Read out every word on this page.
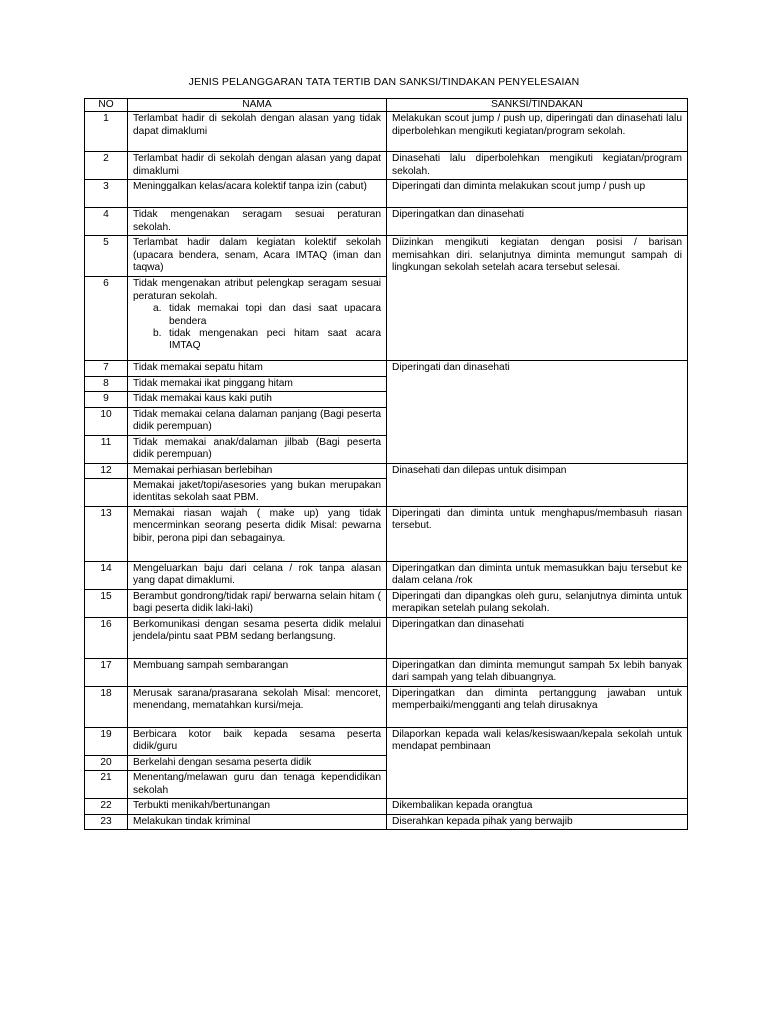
JENIS PELANGGARAN TATA TERTIB DAN SANKSI/TINDAKAN PENYELESAIAN
NO	NAMA	SANKSI/TINDAKAN
1	Terlambat hadir di sekolah dengan alasan yang tidak dapat dimaklumi	Melakukan scout jump / push up, diperingati dan dinasehati lalu diperbolehkan mengikuti kegiatan/program sekolah.
2	Terlambat hadir di sekolah dengan alasan yang dapat dimaklumi	Dinasehati lalu diperbolehkan mengikuti kegiatan/program sekolah.
3	Meninggalkan kelas/acara kolektif tanpa izin (cabut)	Diperingati dan diminta melakukan scout jump / push up
4	Tidak mengenakan seragam sesuai peraturan sekolah.	Diperingatkan dan dinasehati
5	Terlambat hadir dalam kegiatan kolektif sekolah (upacara bendera, senam, Acara IMTAQ (iman dan taqwa)	Diizinkan mengikuti kegiatan dengan posisi / barisan memisahkan diri. selanjutnya diminta memungut sampah di lingkungan sekolah setelah acara tersebut selesai.
6	Tidak mengenakan atribut pelengkap seragam sesuai peraturan sekolah.
a. tidak memakai topi dan dasi saat upacara bendera
b. tidak mengenakan peci hitam saat acara IMTAQ	

7	Tidak memakai sepatu hitam	Diperingati dan dinasehati
8	Tidak memakai ikat pinggang hitam	
9	Tidak memakai kaus kaki putih	
10	Tidak memakai celana dalaman panjang (Bagi peserta didik perempuan)	
11	Tidak memakai anak/dalaman jilbab (Bagi peserta didik perempuan)	
12	Memakai perhiasan berlebihan	Dinasehati dan dilepas untuk disimpan
	Memakai jaket/topi/asesories yang bukan merupakan identitas sekolah saat PBM.	
13	Memakai riasan wajah ( make up) yang tidak mencerminkan seorang peserta didik Misal: pewarna bibir, perona pipi dan sebagainya.	Diperingati dan diminta untuk menghapus/membasuh riasan tersebut.
14	Mengeluarkan baju dari celana / rok tanpa alasan yang dapat dimaklumi.	Diperingatkan dan diminta untuk memasukkan baju tersebut ke dalam celana /rok
15	Berambut gondrong/tidak rapi/ berwarna selain hitam ( bagi peserta didik laki-laki)	Diperingati dan dipangkas oleh guru, selanjutnya diminta untuk merapikan setelah pulang sekolah.
16	Berkomunikasi dengan sesama peserta didik melalui jendela/pintu saat PBM sedang berlangsung.	Diperingatkan dan dinasehati
17	Membuang sampah sembarangan	Diperingatkan dan diminta memungut sampah 5x lebih banyak dari sampah yang telah dibuangnya.
18	Merusak sarana/prasarana sekolah Misal: mencoret, menendang, mematahkan kursi/meja.	Diperingatkan dan diminta pertanggung jawaban untuk memperbaiki/mengganti ang telah dirusaknya
19	Berbicara kotor baik kepada sesama peserta didik/guru	Dilaporkan kepada wali kelas/kesiswaan/kepala sekolah untuk mendapat pembinaan
20	Berkelahi dengan sesama peserta didik	
21	Menentang/melawan guru dan tenaga kependidikan sekolah	
22	Terbukti menikah/bertunangan	Dikembalikan kepada orangtua
23	Melakukan tindak kriminal	Diserahkan kepada pihak yang berwajib
